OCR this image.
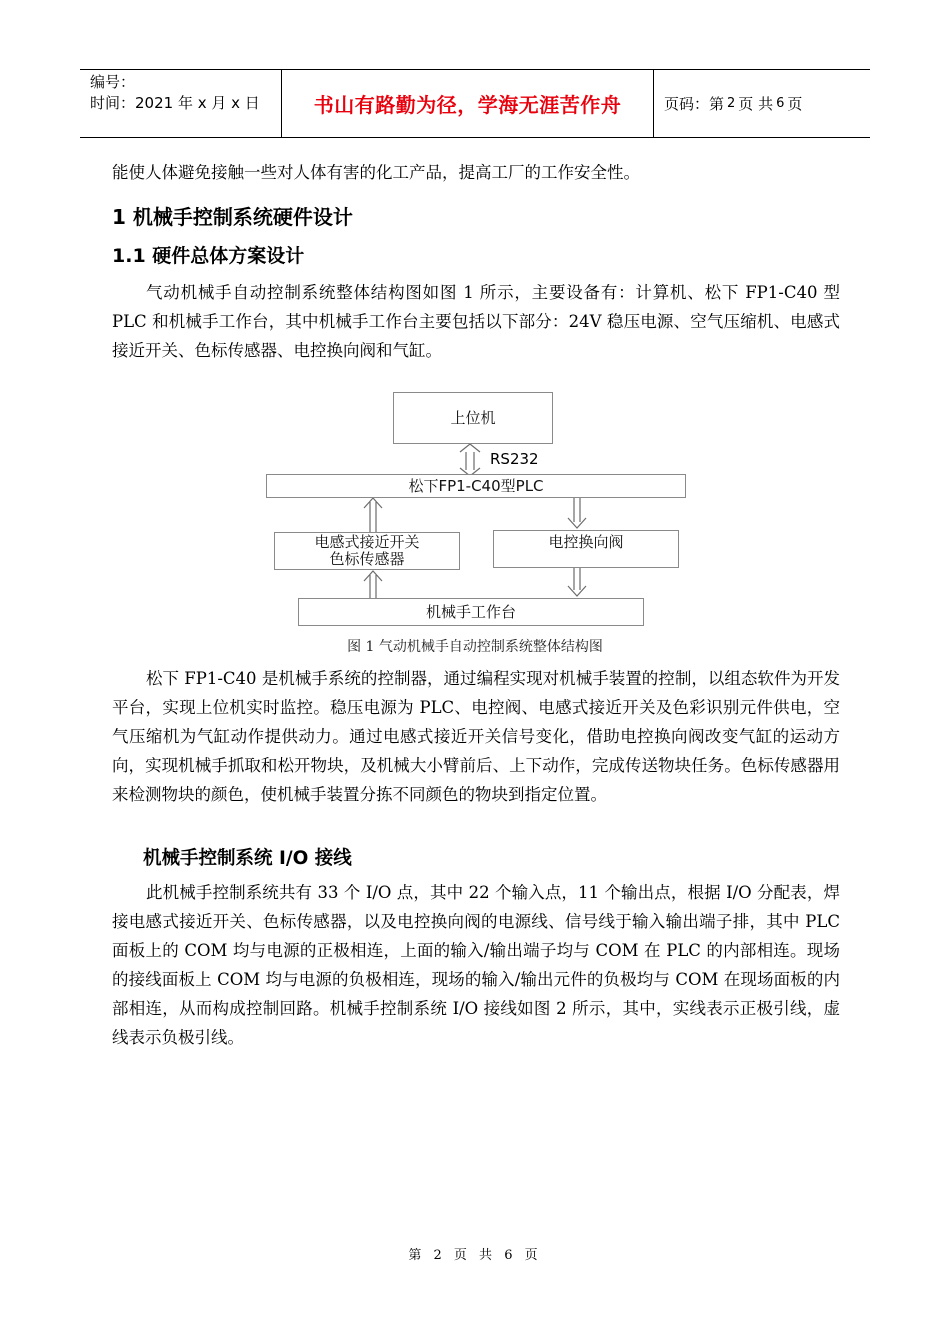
编号：
时间：2021 年 x 月 x 日	书山有路勤为径，学海无涯苦作舟	页码：第 2 页 共 6 页

能使人体避免接触一些对人体有害的化工产品，提高工厂的工作安全性。

1 机械手控制系统硬件设计
1.1 硬件总体方案设计

气动机械手自动控制系统整体结构图如图 1 所示，主要设备有：计算机、松下 FP1-C40 型 PLC 和机械手工作台，其中机械手工作台主要包括以下部分：24V 稳压电源、空气压缩机、电感式接近开关、色标传感器、电控换向阀和气缸。

上位机
RS232
松下FP1-C40型PLC
电感式接近开关
色标传感器
电控换向阀
机械手工作台
图 1 气动机械手自动控制系统整体结构图

松下 FP1-C40 是机械手系统的控制器，通过编程实现对机械手装置的控制，以组态软件为开发平台，实现上位机实时监控。稳压电源为 PLC、电控阀、电感式接近开关及色彩识别元件供电，空气压缩机为气缸动作提供动力。通过电感式接近开关信号变化，借助电控换向阀改变气缸的运动方向，实现机械手抓取和松开物块，及机械大小臂前后、上下动作，完成传送物块任务。色标传感器用来检测物块的颜色，使机械手装置分拣不同颜色的物块到指定位置。

机械手控制系统 I/O 接线

此机械手控制系统共有 33 个 I/O 点，其中 22 个输入点，11 个输出点，根据 I/O 分配表，焊接电感式接近开关、色标传感器，以及电控换向阀的电源线、信号线于输入输出端子排，其中 PLC 面板上的 COM 均与电源的正极相连，上面的输入/输出端子均与 COM 在 PLC 的内部相连。现场的接线面板上 COM 均与电源的负极相连，现场的输入/输出元件的负极均与 COM 在现场面板的内部相连，从而构成控制回路。机械手控制系统 I/O 接线如图 2 所示，其中，实线表示正极引线，虚线表示负极引线。

第 2 页 共 6 页
